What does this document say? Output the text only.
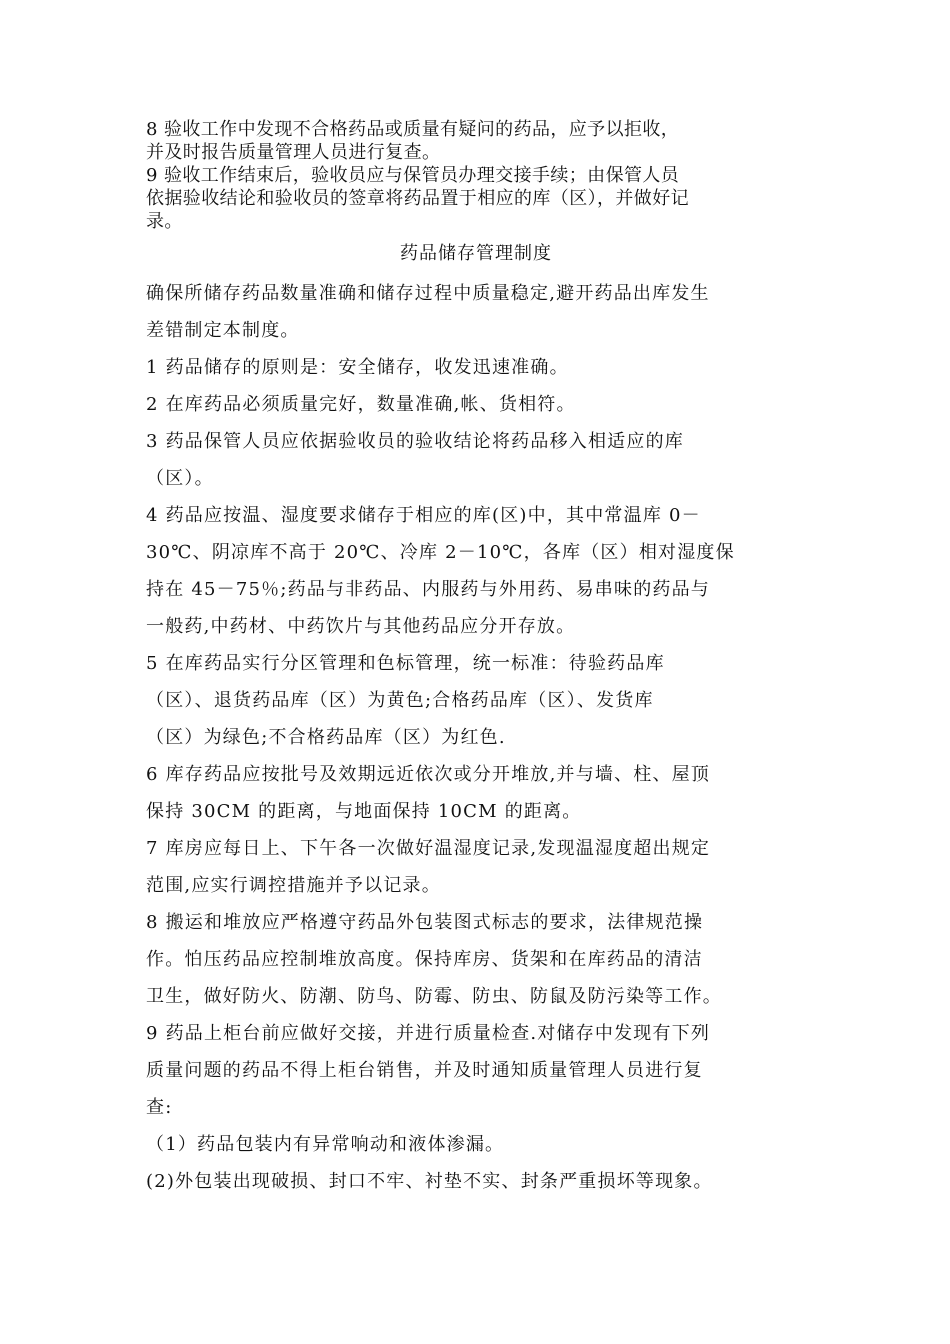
8 验收工作中发现不合格药品或质量有疑问的药品，应予以拒收，

并及时报告质量管理人员进行复查。

9 验收工作结束后，验收员应与保管员办理交接手续；由保管人员

依据验收结论和验收员的签章将药品置于相应的库（区），并做好记

录。

药品储存管理制度

确保所储存药品数量准确和储存过程中质量稳定,避开药品出库发生

差错制定本制度。

1 药品储存的原则是：安全储存，收发迅速准确。

2 在库药品必须质量完好，数量准确,帐、货相符。

3 药品保管人员应依据验收员的验收结论将药品移入相适应的库

（区）。

4 药品应按温、湿度要求储存于相应的库(区)中，其中常温库 0－

30℃、阴凉库不高于 20℃、冷库 2－10℃，各库（区）相对湿度保

持在 45－75％;药品与非药品、内服药与外用药、易串味的药品与

一般药,中药材、中药饮片与其他药品应分开存放。

5 在库药品实行分区管理和色标管理，统一标准：待验药品库

（区）、退货药品库（区）为黄色;合格药品库（区）、发货库

（区）为绿色;不合格药品库（区）为红色.

6 库存药品应按批号及效期远近依次或分开堆放,并与墙、柱、屋顶

保持 30CM 的距离，与地面保持 10CM 的距离。

7 库房应每日上、下午各一次做好温湿度记录,发现温湿度超出规定

范围,应实行调控措施并予以记录。

8 搬运和堆放应严格遵守药品外包装图式标志的要求，法律规范操

作。怕压药品应控制堆放高度。保持库房、货架和在库药品的清洁

卫生，做好防火、防潮、防鸟、防霉、防虫、防鼠及防污染等工作。

9 药品上柜台前应做好交接，并进行质量检查.对储存中发现有下列

质量问题的药品不得上柜台销售，并及时通知质量管理人员进行复

查:

（1）药品包装内有异常响动和液体渗漏。

(2)外包装出现破损、封口不牢、衬垫不实、封条严重损坏等现象。
